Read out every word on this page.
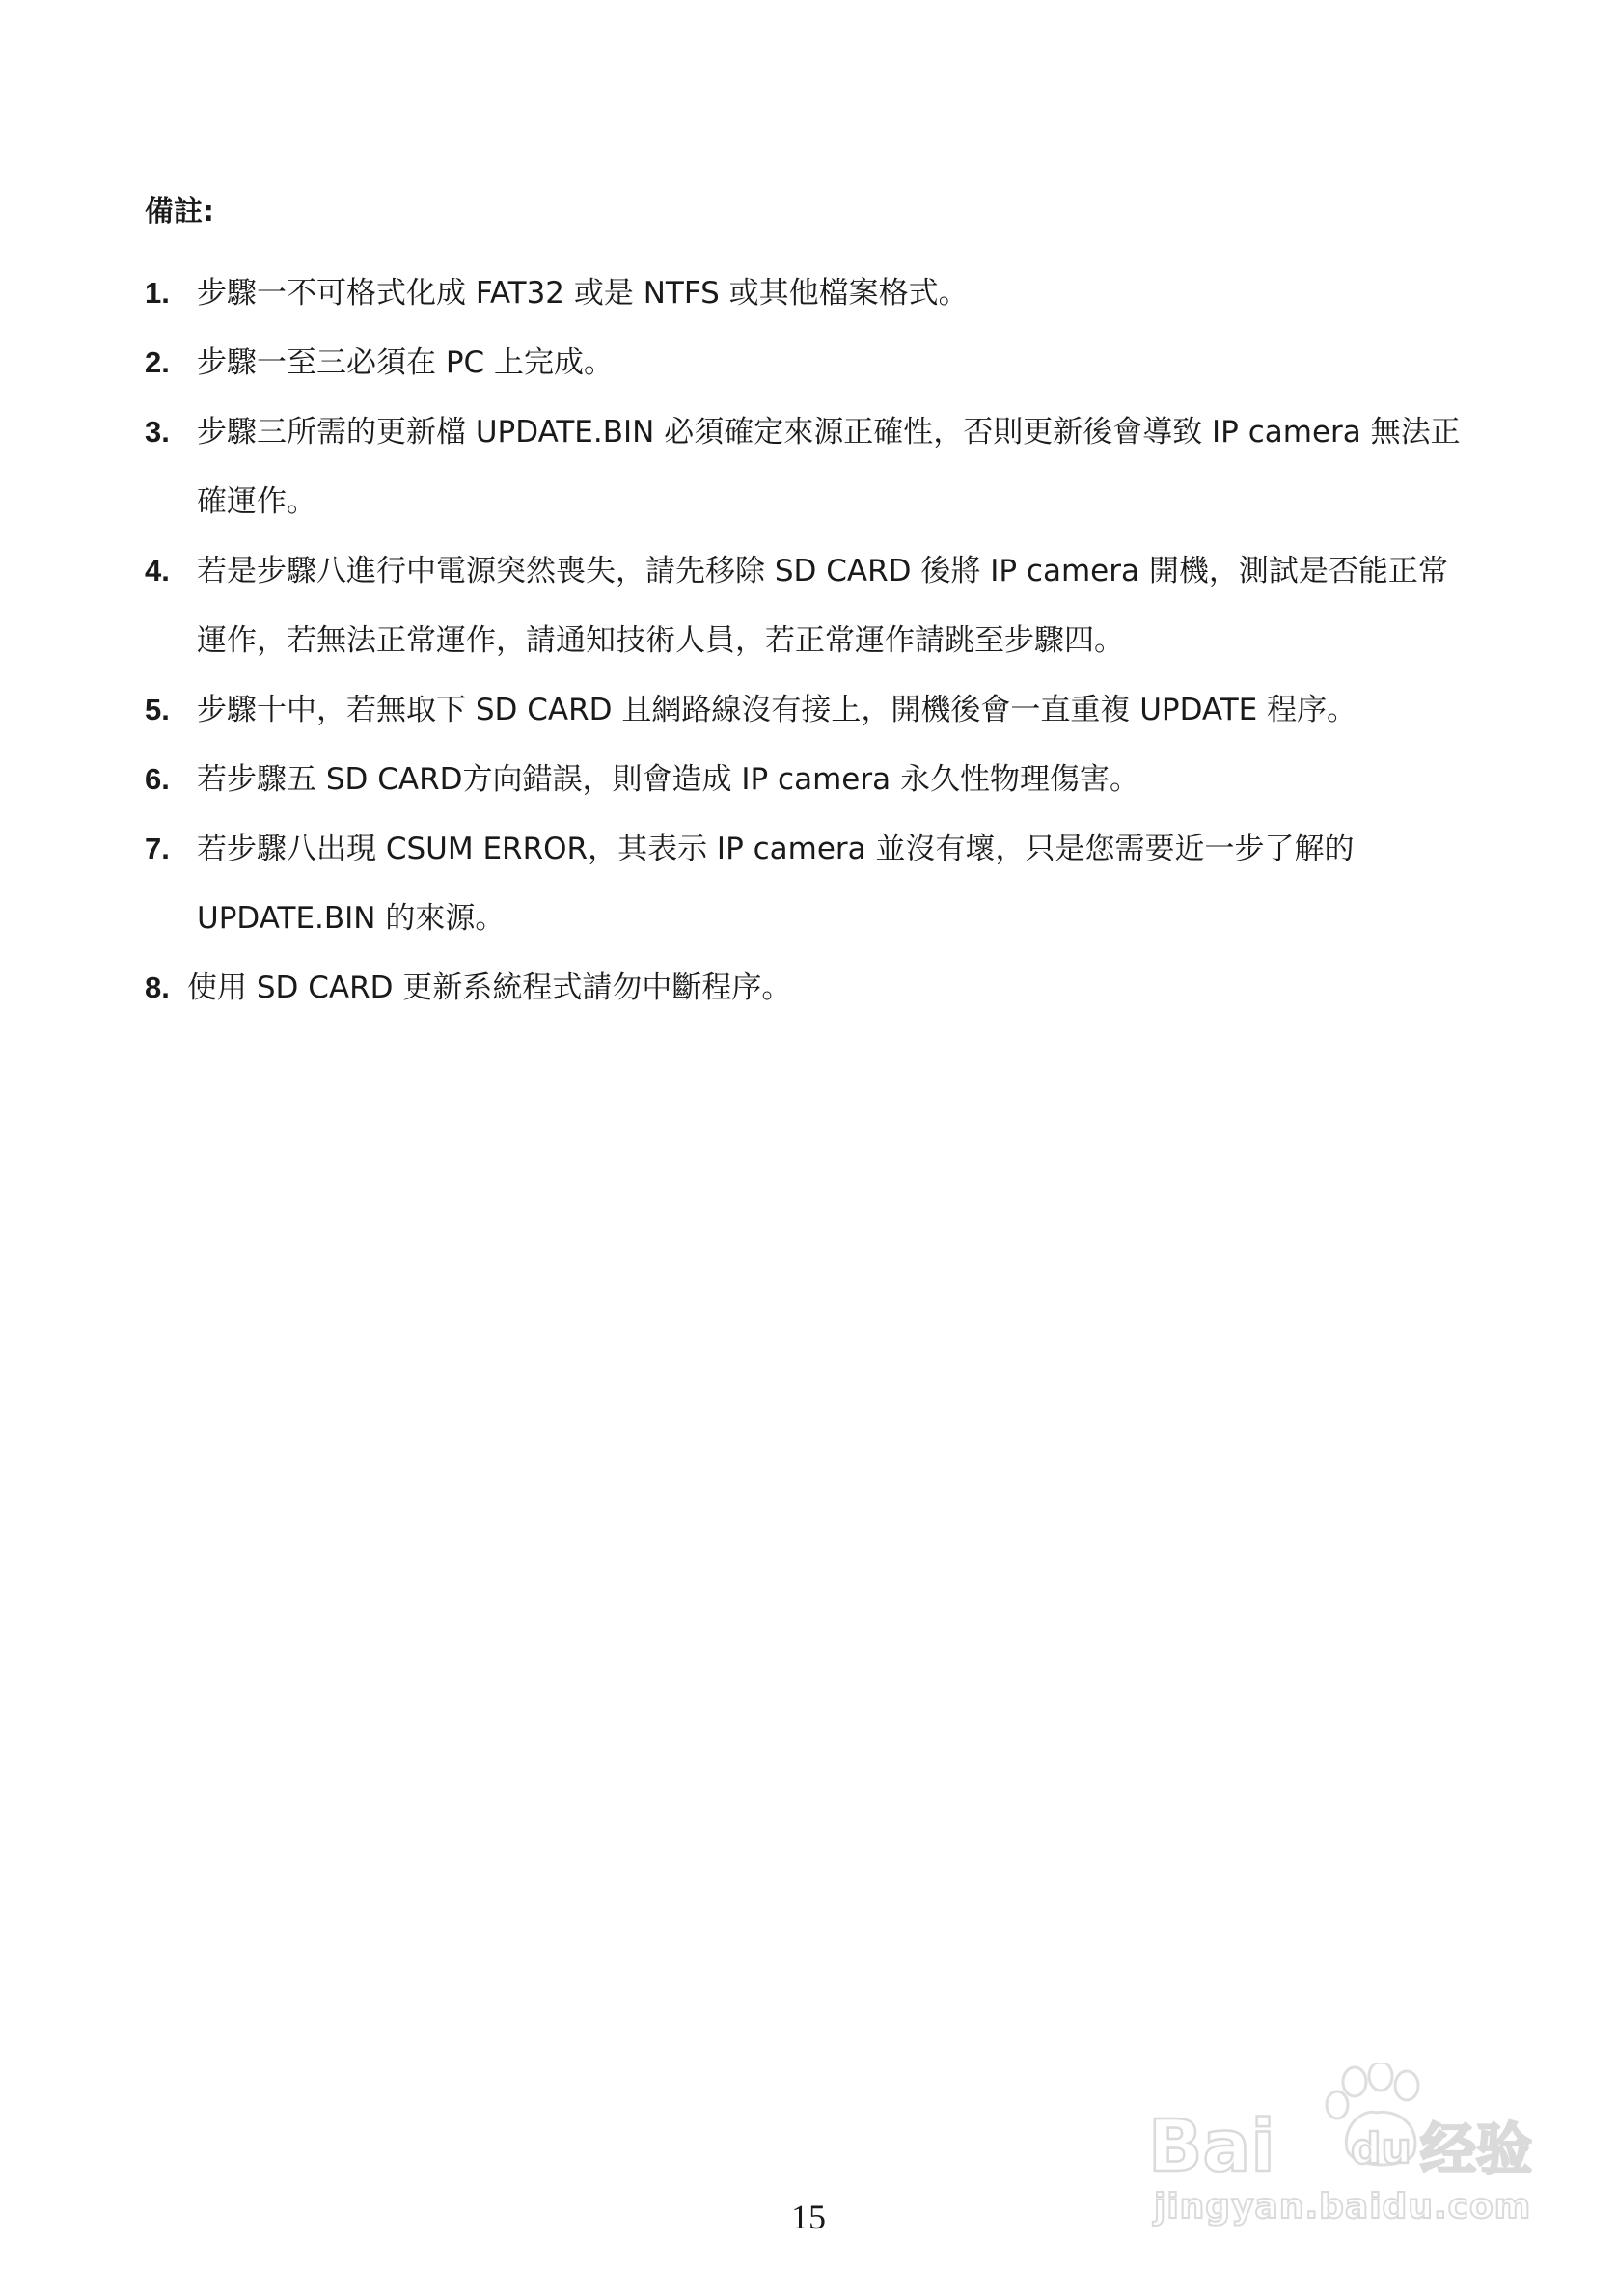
備註:
1. 步驟一不可格式化成 FAT32 或是 NTFS 或其他檔案格式。
2. 步驟一至三必須在 PC 上完成。
3. 步驟三所需的更新檔 UPDATE.BIN 必須確定來源正確性，否則更新後會導致 IP camera 無法正
確運作。
4. 若是步驟八進行中電源突然喪失，請先移除 SD CARD 後將 IP camera 開機，測試是否能正常
運作，若無法正常運作，請通知技術人員，若正常運作請跳至步驟四。
5. 步驟十中，若無取下 SD CARD 且網路線沒有接上，開機後會一直重複 UPDATE 程序。
6. 若步驟五 SD CARD方向錯誤，則會造成 IP camera 永久性物理傷害。
7. 若步驟八出現 CSUM ERROR，其表示 IP camera 並沒有壞，只是您需要近一步了解的
UPDATE.BIN 的來源。
8. 使用 SD CARD 更新系統程式請勿中斷程序。
15
Bai du 经验
jingyan.baidu.com
